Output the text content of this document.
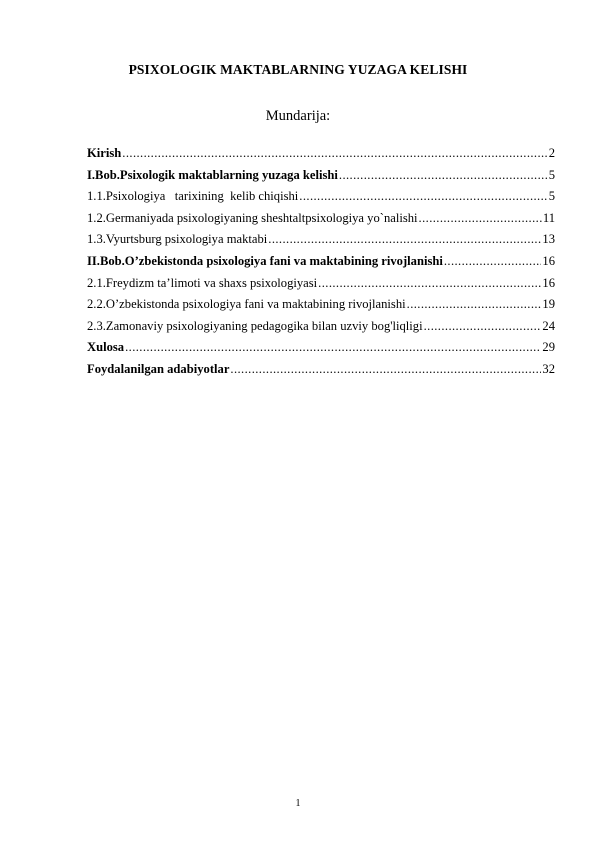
PSIXOLOGIK MAKTABLARNING YUZAGA KELISHI
Mundarija:
Kirish .....	2
I.Bob.Psixologik maktablarning yuzaga kelishi .....	5
1.1.Psixologiya   tarixining  kelib chiqishi .....	5
1.2.Germaniyada psixologiyaning sheshtaltpsixologiya yo`nalishi .....	11
1.3.Vyurtsburg psixologiya maktabi .....	13
II.Bob.O’zbekistonda psixologiya fani va maktabining rivojlanishi .....	16
2.1.Freydizm ta’limoti va shaxs psixologiyasi .....	16
2.2.O’zbekistonda psixologiya fani va maktabining rivojlanishi .....	19
2.3.Zamonaviy psixologiyaning pedagogika bilan uzviy bog'liqligi .....	24
Xulosa .....	29
Foydalanilgan adabiyotlar .....	32
1
